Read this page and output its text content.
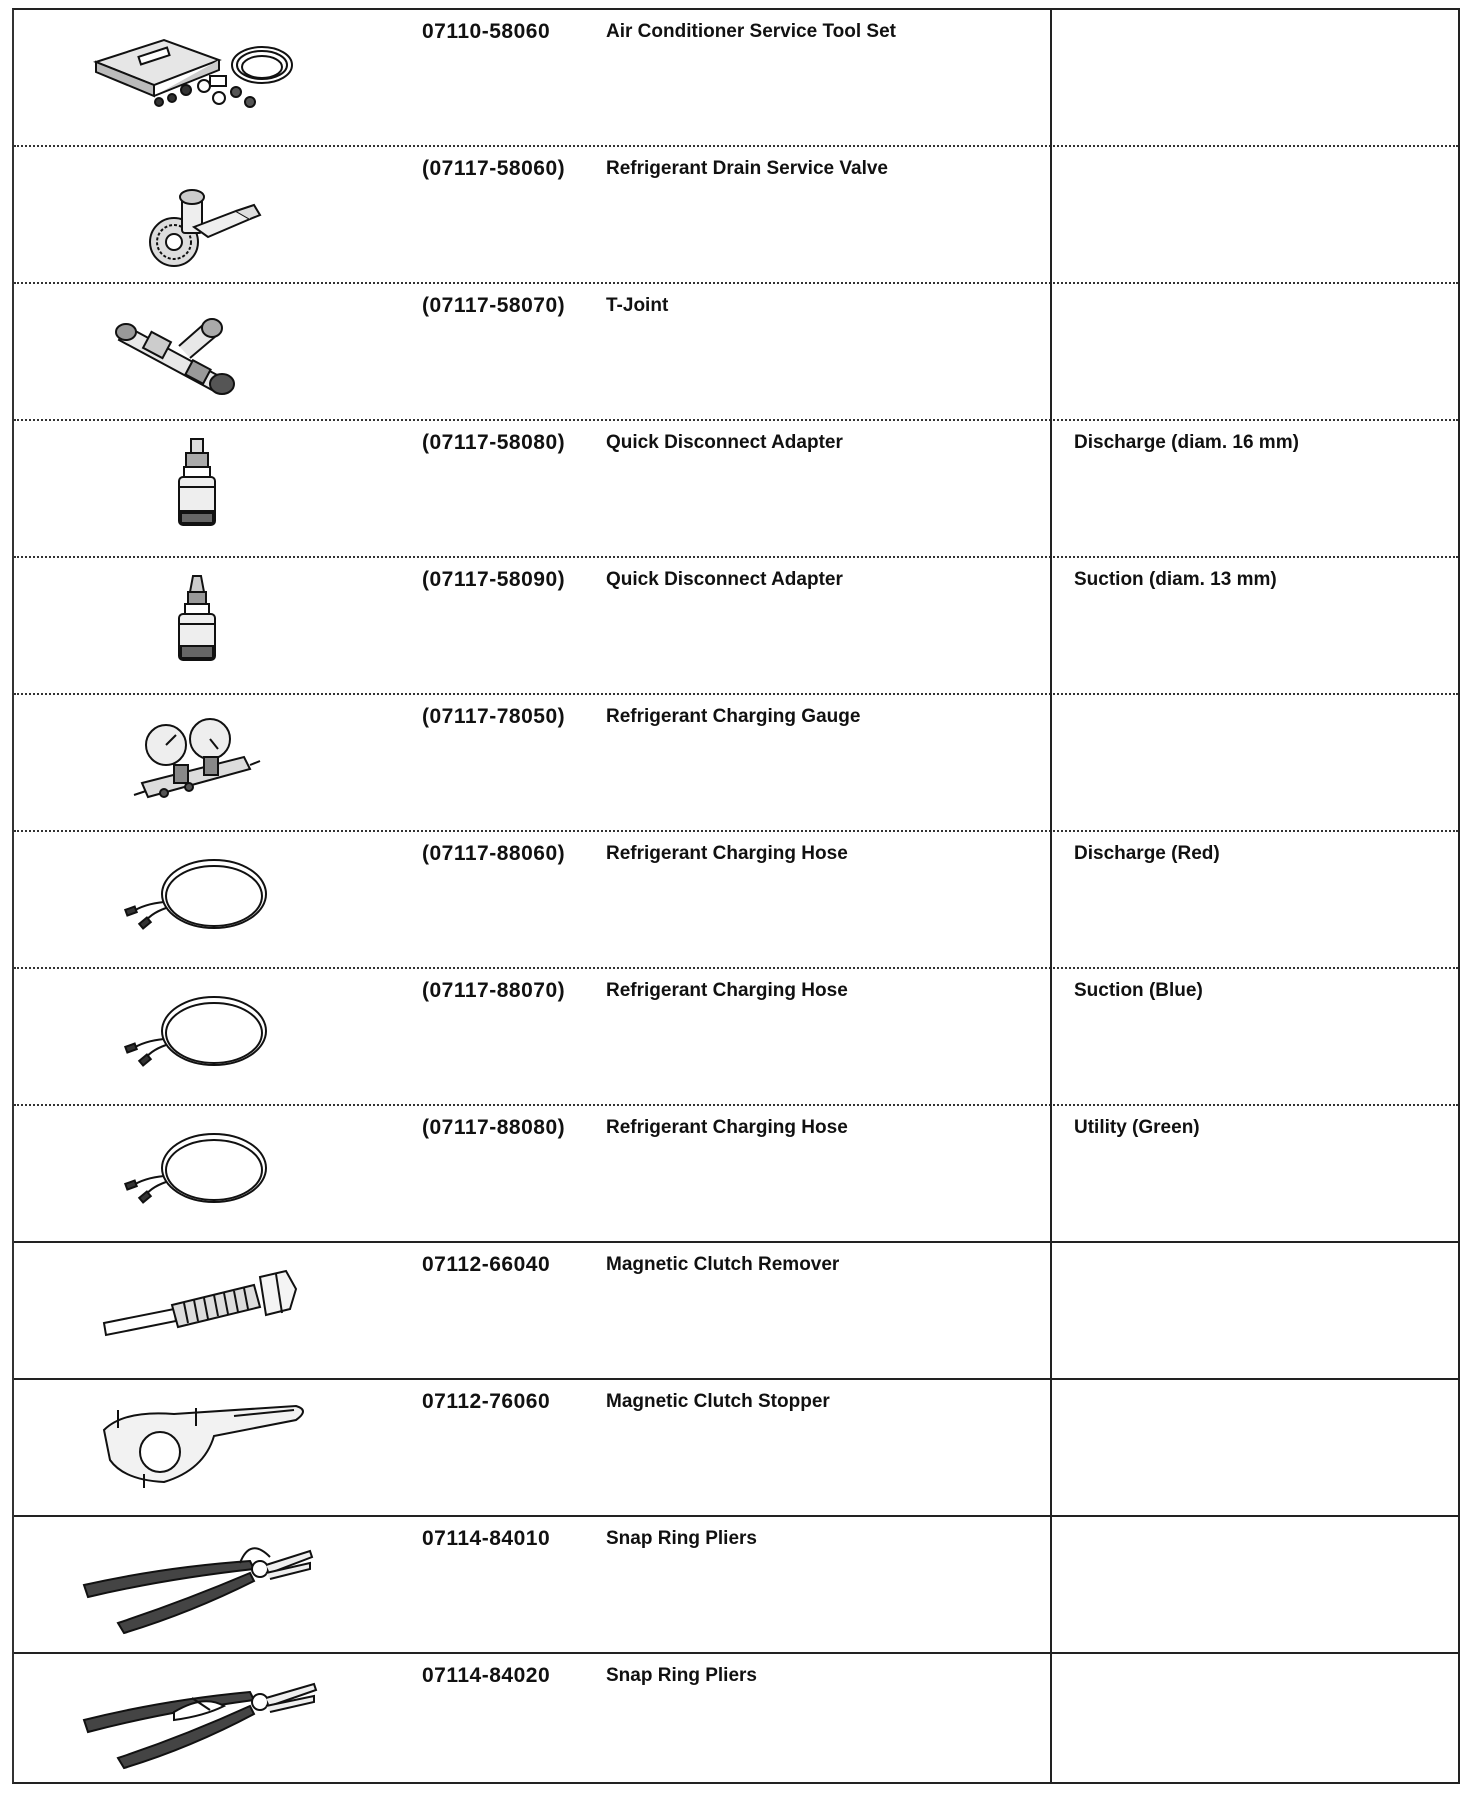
07110-58060	Air Conditioner Service Tool Set
(07117-58060) Refrigerant Drain Service Valve
(07117-58070) T-Joint
(07117-58080) Quick Disconnect Adapter	Discharge (diam. 16 mm)
(07117-58090) Quick Disconnect Adapter	Suction (diam. 13 mm)
(07117-78050) Refrigerant Charging Gauge
(07117-88060) Refrigerant Charging Hose	Discharge (Red)
(07117-88070) Refrigerant Charging Hose	Suction (Blue)
(07117-88080) Refrigerant Charging Hose	Utility (Green)
07112-66040	Magnetic Clutch Remover
07112-76060	Magnetic Clutch Stopper
07114-84010	Snap Ring Pliers
07114-84020	Snap Ring Pliers
